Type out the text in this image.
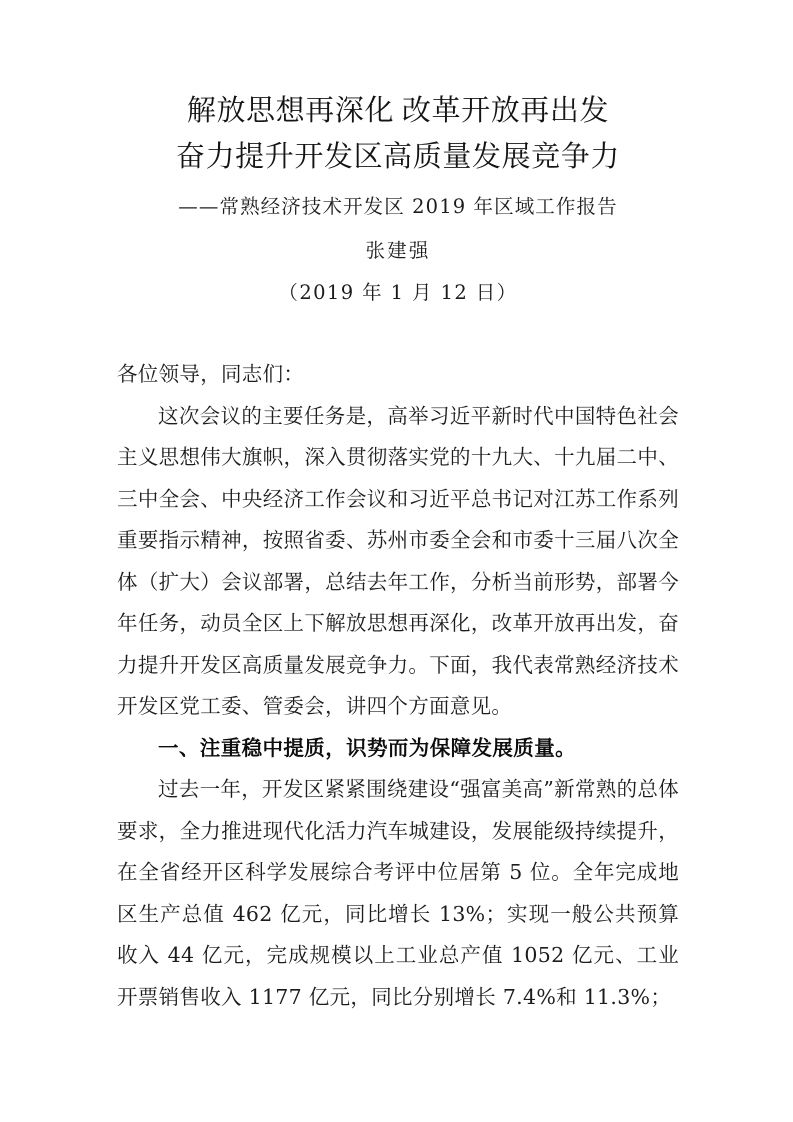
解放思想再深化 改革开放再出发
奋力提升开发区高质量发展竞争力
——常熟经济技术开发区 2019 年区域工作报告
张建强
（2019 年 1 月 12 日）

各位领导，同志们：

这次会议的主要任务是，高举习近平新时代中国特色社会主义思想伟大旗帜，深入贯彻落实党的十九大、十九届二中、三中全会、中央经济工作会议和习近平总书记对江苏工作系列重要指示精神，按照省委、苏州市委全会和市委十三届八次全体（扩大）会议部署，总结去年工作，分析当前形势，部署今年任务，动员全区上下解放思想再深化，改革开放再出发，奋力提升开发区高质量发展竞争力。下面，我代表常熟经济技术开发区党工委、管委会，讲四个方面意见。

一、注重稳中提质，识势而为保障发展质量。

过去一年，开发区紧紧围绕建设“强富美高”新常熟的总体要求，全力推进现代化活力汽车城建设，发展能级持续提升，在全省经开区科学发展综合考评中位居第 5 位。全年完成地区生产总值 462 亿元，同比增长 13%；实现一般公共预算收入 44 亿元，完成规模以上工业总产值 1052 亿元、工业开票销售收入 1177 亿元，同比分别增长 7.4%和 11.3%；
